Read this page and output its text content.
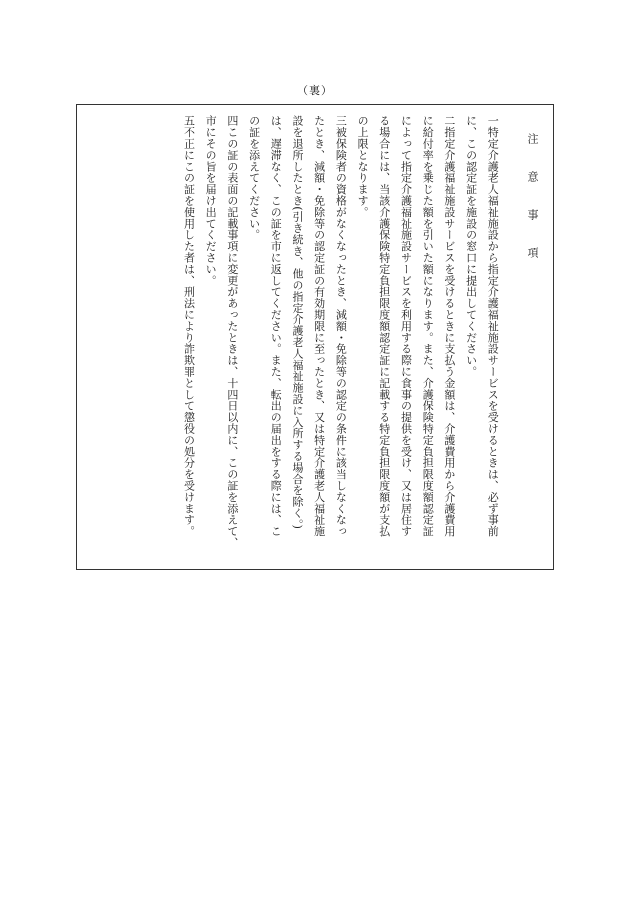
（裏）
注　意　事　項
一特定介護老人福祉施設から指定介護福祉施設サービスを受けるときは、必ず事前
に、この認定証を施設の窓口に提出してください。
二指定介護福祉施設サービスを受けるときに支払う金額は、介護費用から介護費用
に給付率を乗じた額を引いた額になります。また、介護保険特定負担限度額認定証
によって指定介護福祉施設サービスを利用する際に食事の提供を受け、又は居住す
る場合には、当該介護保険特定負担限度額認定証に記載する特定負担限度額が支払
の上限となります。
三被保険者の資格がなくなったとき、減額・免除等の認定の条件に該当しなくなっ
たとき、減額・免除等の認定証の有効期限に至ったとき、又は特定介護老人福祉施
設を退所したとき(引き続き、他の指定介護老人福祉施設に入所する場合を除く。)
は、遅滞なく、この証を市に返してください。また、転出の届出をする際には、こ
の証を添えてください。
四この証の表面の記載事項に変更があったときは、十四日以内に、この証を添えて、
市にその旨を届け出てください。
五不正にこの証を使用した者は、刑法により詐欺罪として懲役の処分を受けます。
